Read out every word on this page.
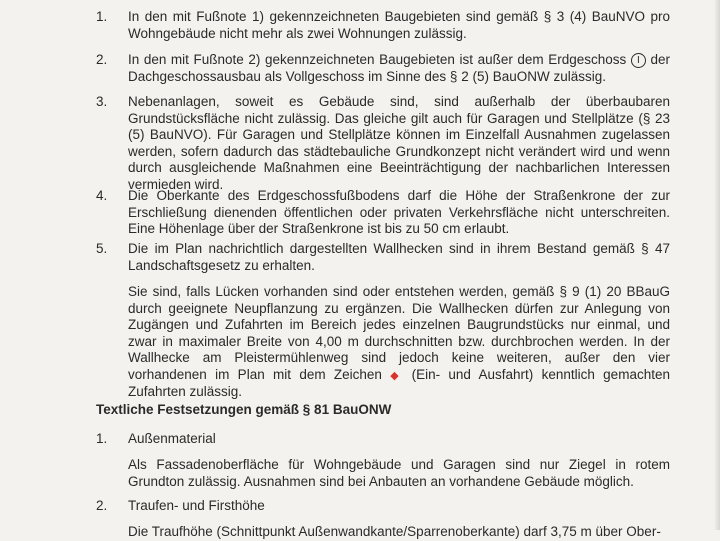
1. In den mit Fußnote 1) gekennzeichneten Baugebieten sind gemäß § 3 (4) BauNVO pro Wohngebäude nicht mehr als zwei Wohnungen zulässig.

2. In den mit Fußnote 2) gekennzeichneten Baugebieten ist außer dem Erdgeschoss I der Dachgeschossausbau als Vollgeschoss im Sinne des § 2 (5) BauONW zulässig.

3. Nebenanlagen, soweit es Gebäude sind, sind außerhalb der überbaubaren Grundstücksfläche nicht zulässig. Das gleiche gilt auch für Garagen und Stellplätze (§ 23 (5) BauNVO). Für Garagen und Stellplätze können im Einzelfall Ausnahmen zugelassen werden, sofern dadurch das städtebauliche Grundkonzept nicht verändert wird und wenn durch ausgleichende Maßnahmen eine Beeinträchtigung der nachbarlichen Interessen vermieden wird.

4. Die Oberkante des Erdgeschossfußbodens darf die Höhe der Straßenkrone der zur Erschließung dienenden öffentlichen oder privaten Verkehrsfläche nicht unterschreiten. Eine Höhenlage über der Straßenkrone ist bis zu 50 cm erlaubt.

5. Die im Plan nachrichtlich dargestellten Wallhecken sind in ihrem Bestand gemäß § 47 Landschaftsgesetz zu erhalten.

Sie sind, falls Lücken vorhanden sind oder entstehen werden, gemäß § 9 (1) 20 BBauG durch geeignete Neupflanzung zu ergänzen. Die Wallhecken dürfen zur Anlegung von Zugängen und Zufahrten im Bereich jedes einzelnen Baugrundstücks nur einmal, und zwar in maximaler Breite von 4,00 m durchschnitten bzw. durchbrochen werden. In der Wallhecke am Pleistermühlenweg sind jedoch keine weiteren, außer den vier vorhandenen im Plan mit dem Zeichen ◆ (Ein- und Ausfahrt) kenntlich gemachten Zufahrten zulässig.

Textliche Festsetzungen gemäß § 81 BauONW
1. Außenmaterial

Als Fassadenoberfläche für Wohngebäude und Garagen sind nur Ziegel in rotem Grundton zulässig. Ausnahmen sind bei Anbauten an vorhandene Gebäude möglich.

2. Traufen- und Firsthöhe

Die Traufhöhe (Schnittpunkt Außenwandkante/Sparrenoberkante) darf 3,75 m über Ober-
